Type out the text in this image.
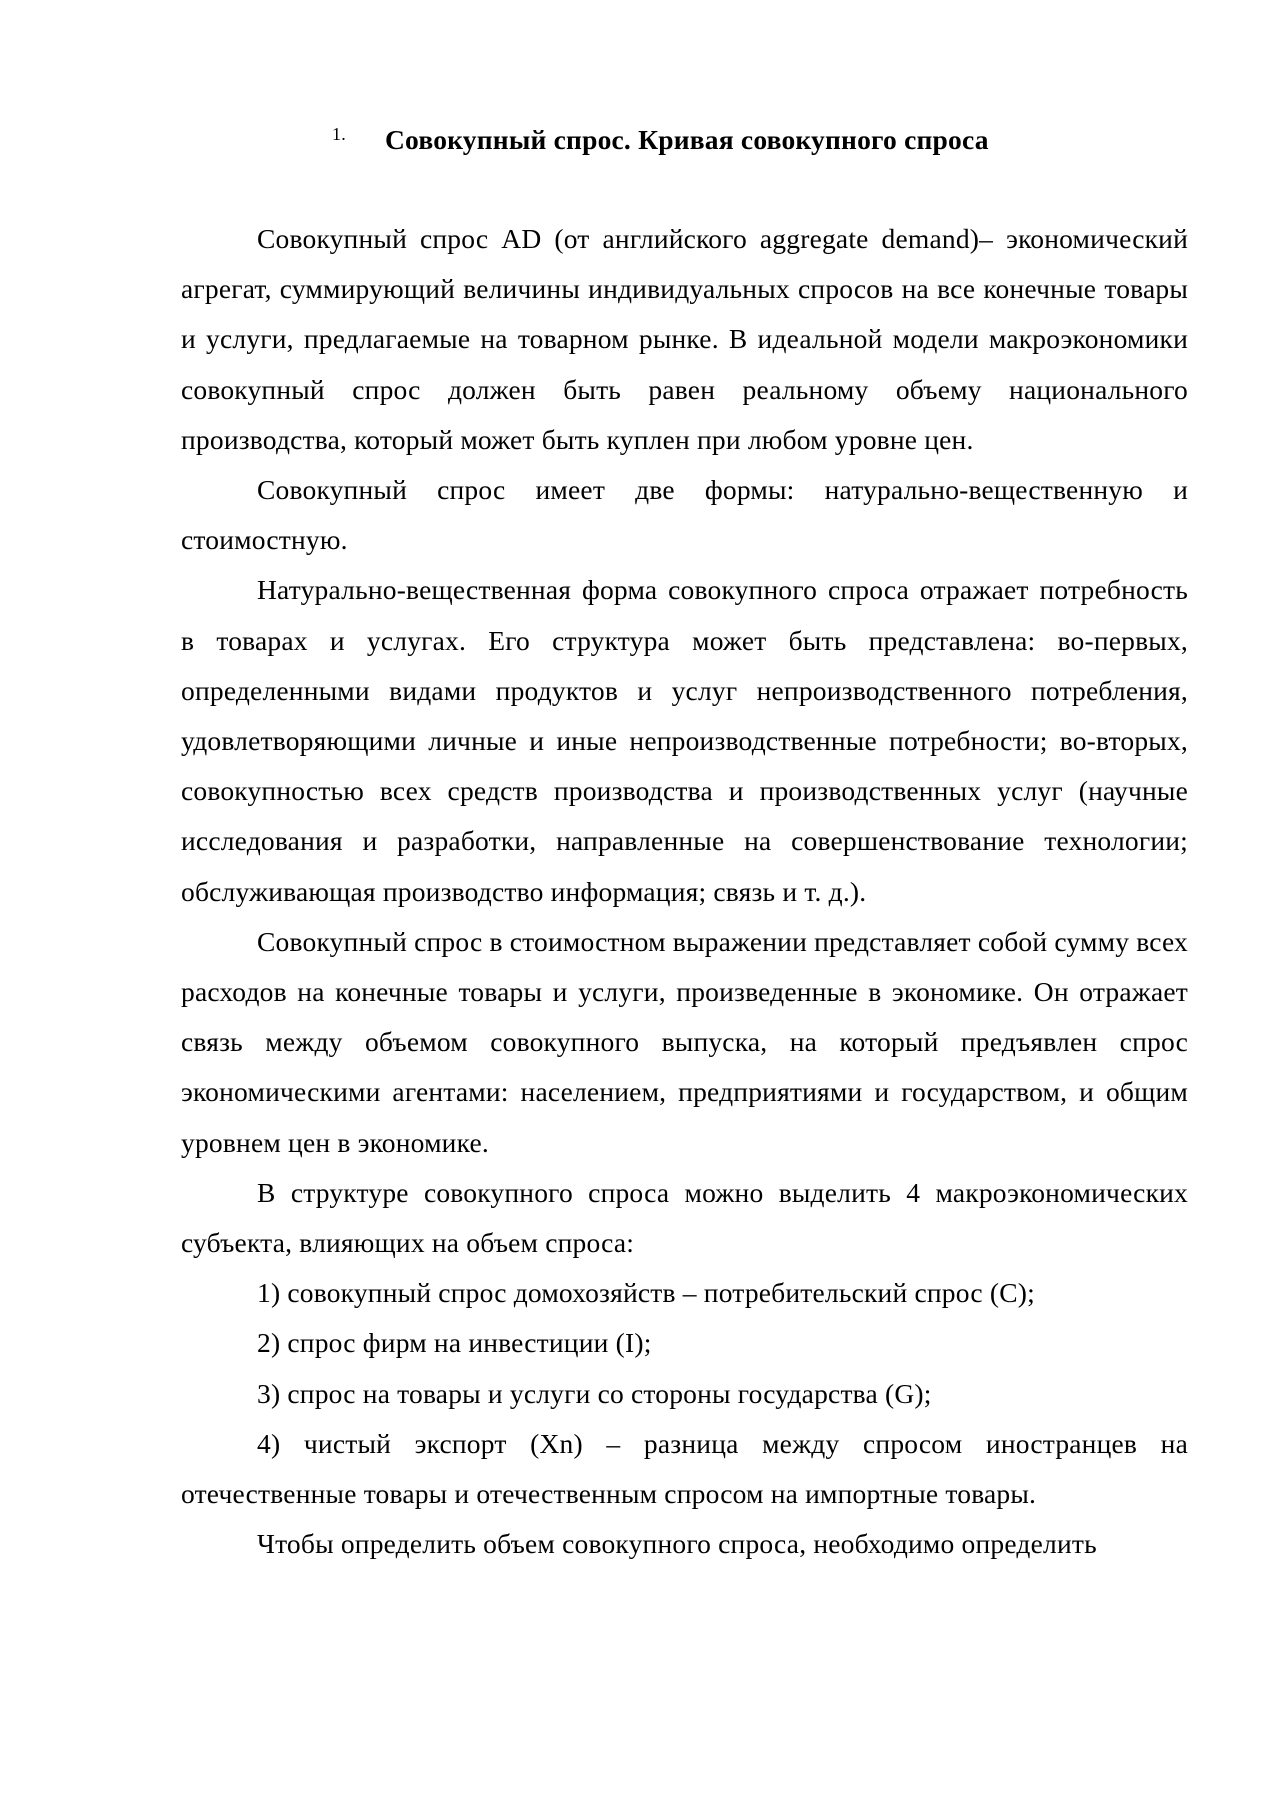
1. Совокупный спрос. Кривая совокупного спроса

Совокупный спрос AD (от английского aggregate demand)– экономический агрегат, суммирующий величины индивидуальных спросов на все конечные товары и услуги, предлагаемые на товарном рынке. В идеальной модели макроэкономики совокупный спрос должен быть равен реальному объему национального производства, который может быть куплен при любом уровне цен.

Совокупный спрос имеет две формы: натурально-вещественную и стоимостную.

Натурально-вещественная форма совокупного спроса отражает потребность в товарах и услугах. Его структура может быть представлена: во-первых, определенными видами продуктов и услуг непроизводственного потребления, удовлетворяющими личные и иные непроизводственные потребности; во-вторых, совокупностью всех средств производства и производственных услуг (научные исследования и разработки, направленные на совершенствование технологии; обслуживающая производство информация; связь и т. д.).

Совокупный спрос в стоимостном выражении представляет собой сумму всех расходов на конечные товары и услуги, произведенные в экономике. Он отражает связь между объемом совокупного выпуска, на который предъявлен спрос экономическими агентами: населением, предприятиями и государством, и общим уровнем цен в экономике.

В структуре совокупного спроса можно выделить 4 макроэкономических субъекта, влияющих на объем спроса:

1) совокупный спрос домохозяйств – потребительский спрос (C);

2) спрос фирм на инвестиции (I);

3) спрос на товары и услуги со стороны государства (G);

4) чистый экспорт (Xn) – разница между спросом иностранцев на отечественные товары и отечественным спросом на импортные товары.

Чтобы определить объем совокупного спроса, необходимо определить
